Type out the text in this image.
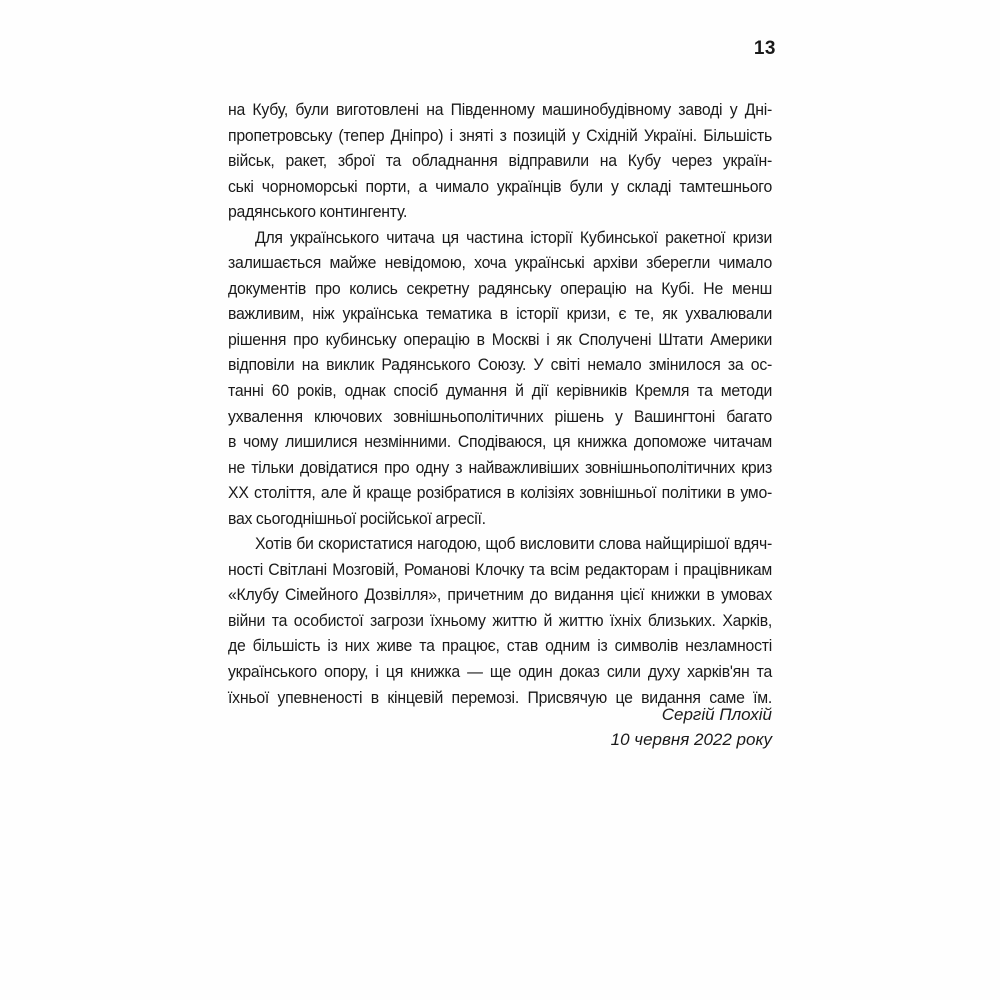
13
на Кубу, були виготовлені на Південному машинобудівному заводі у Дні-
пропетровську (тепер Дніпро) і зняті з позицій у Східній Україні. Більшість
військ, ракет, зброї та обладнання відправили на Кубу через україн-
ські чорноморські порти, а чимало українців були у складі тамтешнього
радянського контингенту.
Для українського читача ця частина історії Кубинської ракетної кризи
залишається майже невідомою, хоча українські архіви зберегли чимало
документів про колись секретну радянську операцію на Кубі. Не менш
важливим, ніж українська тематика в історії кризи, є те, як ухвалювали
рішення про кубинську операцію в Москві і як Сполучені Штати Америки
відповіли на виклик Радянського Союзу. У світі немало змінилося за ос-
танні 60 років, однак спосіб думання й дії керівників Кремля та методи
ухвалення ключових зовнішньополітичних рішень у Вашингтоні багато
в чому лишилися незмінними. Сподіваюся, ця книжка допоможе читачам
не тільки довідатися про одну з найважливіших зовнішньополітичних криз
XX століття, але й краще розібратися в колізіях зовнішньої політики в умо-
вах сьогоднішньої російської агресії.
Хотів би скористатися нагодою, щоб висловити слова найщирішої вдяч-
ності Світлані Мозговій, Романові Клочку та всім редакторам і працівникам
«Клубу Сімейного Дозвілля», причетним до видання цієї книжки в умовах
війни та особистої загрози їхньому життю й життю їхніх близьких. Харків,
де більшість із них живе та працює, став одним із символів незламності
українського опору, і ця книжка — ще один доказ сили духу харків'ян та
їхньої упевненості в кінцевій перемозі. Присвячую це видання саме їм.
Сергій Плохій
10 червня 2022 року
